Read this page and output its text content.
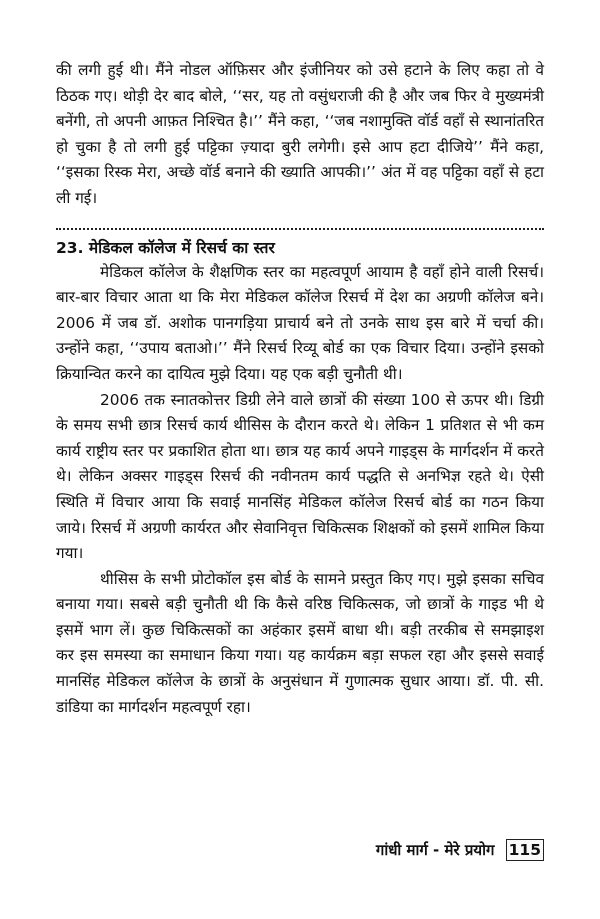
की लगी हुई थी। मैंने नोडल ऑफ़िसर और इंजीनियर को उसे हटाने के लिए कहा तो वे ठिठक गए। थोड़ी देर बाद बोले, ‘‘सर, यह तो वसुंधराजी की है और जब फिर वे मुख्यमंत्री बनेंगी, तो अपनी आफ़त निश्चित है।’’ मैंने कहा, ‘‘जब नशामुक्ति वॉर्ड वहाँ से स्थानांतरित हो चुका है तो लगी हुई पट्टिका ज़्यादा बुरी लगेगी। इसे आप हटा दीजिये’’ मैंने कहा, ‘‘इसका रिस्क मेरा, अच्छे वॉर्ड बनाने की ख्याति आपकी।’’ अंत में वह पट्टिका वहाँ से हटा ली गई।

23. मेडिकल कॉलेज में रिसर्च का स्तर

मेडिकल कॉलेज के शैक्षणिक स्तर का महत्वपूर्ण आयाम है वहाँ होने वाली रिसर्च। बार-बार विचार आता था कि मेरा मेडिकल कॉलेज रिसर्च में देश का अग्रणी कॉलेज बने। 2006 में जब डॉ. अशोक पानगड़िया प्राचार्य बने तो उनके साथ इस बारे में चर्चा की। उन्होंने कहा, ‘‘उपाय बताओ।’’ मैंने रिसर्च रिव्यू बोर्ड का एक विचार दिया। उन्होंने इसको क्रियान्वित करने का दायित्व मुझे दिया। यह एक बड़ी चुनौती थी।

2006 तक स्नातकोत्तर डिग्री लेने वाले छात्रों की संख्या 100 से ऊपर थी। डिग्री के समय सभी छात्र रिसर्च कार्य थीसिस के दौरान करते थे। लेकिन 1 प्रतिशत से भी कम कार्य राष्ट्रीय स्तर पर प्रकाशित होता था। छात्र यह कार्य अपने गाइड्स के मार्गदर्शन में करते थे। लेकिन अक्सर गाइड्स रिसर्च की नवीनतम कार्य पद्धति से अनभिज्ञ रहते थे। ऐसी स्थिति में विचार आया कि सवाई मानसिंह मेडिकल कॉलेज रिसर्च बोर्ड का गठन किया जाये। रिसर्च में अग्रणी कार्यरत और सेवानिवृत्त चिकित्सक शिक्षकों को इसमें शामिल किया गया।

थीसिस के सभी प्रोटोकॉल इस बोर्ड के सामने प्रस्तुत किए गए। मुझे इसका सचिव बनाया गया। सबसे बड़ी चुनौती थी कि कैसे वरिष्ठ चिकित्सक, जो छात्रों के गाइड भी थे इसमें भाग लें। कुछ चिकित्सकों का अहंकार इसमें बाधा थी। बड़ी तरकीब से समझाइश कर इस समस्या का समाधान किया गया। यह कार्यक्रम बड़ा सफल रहा और इससे सवाई मानसिंह मेडिकल कॉलेज के छात्रों के अनुसंधान में गुणात्मक सुधार आया। डॉ. पी. सी. डांडिया का मार्गदर्शन महत्वपूर्ण रहा।

गांधी मार्ग - मेरे प्रयोग 115
